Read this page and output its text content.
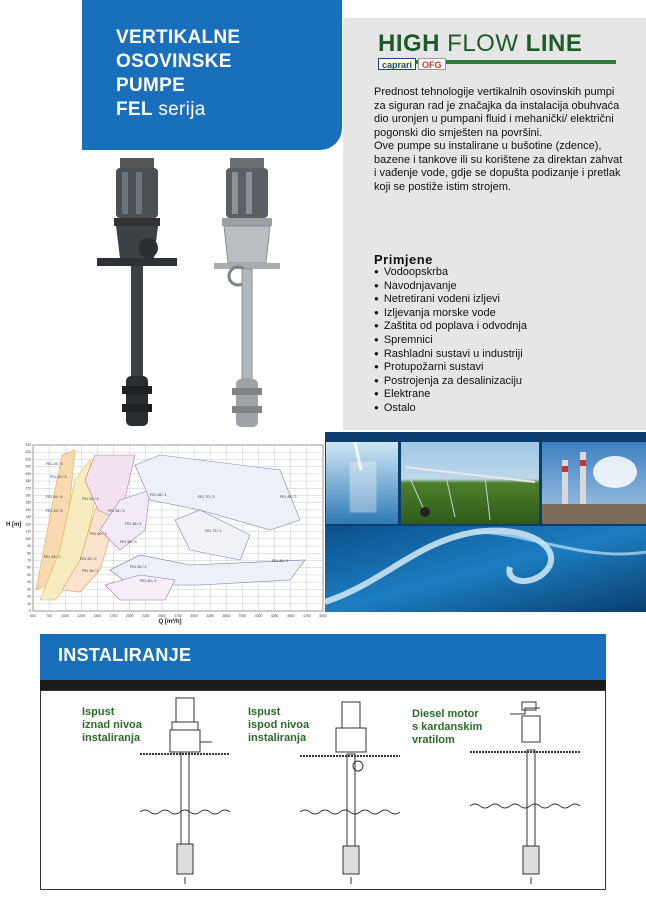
VERTIKALNE
OSOVINSKE
PUMPE
FEL serija
HIGH FLOW LINE
caprari	OFG

Prednost tehnologije vertikalnih osovinskih pumpi za siguran rad je značajka da instalacija obuhvaća dio uronjen u pumpani fluid i mehanički/ električni pogonski dio smješten na površini.

Ove pumpe su instalirane u bušotine (zdence), bazene i tankove ili su korištene za direktan zahvat i vađenje vode, gdje se dopušta podizanje i pretlak koji se postiže istim strojem.

Primjene
● Vodoopskrba
● Navodnjavanje
● Netretirani vodeni izljevi
● Izljevanja morske vode
● Zaštita od poplava i odvodnja
● Spremnici
● Rashladni sustavi u industriji
● Protupožarni sustavi
● Postrojenja za desalinizaciju
● Elektrane
● Ostalo
FEL 25 / 3
FEL 40 / 3
FEL 45 / 4
FEL 45 / 5
FEL 52 / 3
FEL 54 / 3
FEL 56 / 4
FEL 60 / 3
FEL 48 / 2	FEL 52 / 2
FEL 54 / 2
FEL 56 / 3
FEL 60 / 2
FEL 60 / 1
FEL 68 / 1	FEL 70 / 3
FEL 75 / 1
FEL 80 / 1
FEL 85 / 2
500	750	1000	1250	1500	1750	2000	2250	2500	2750	3000	3250	3500	3750	4000	4250	4500	4750	5000
0
10
20
30
40
50
60
70
80
90
100
110
120
130
140
150
160
170
180
190
200
210
220
230
H [m]
Q [m³/h]
INSTALIRANJE
Ispust
iznad nivoa
instaliranja
Ispust
ispod nivoa
instaliranja
Diesel motor
s kardanskim
vratilom
